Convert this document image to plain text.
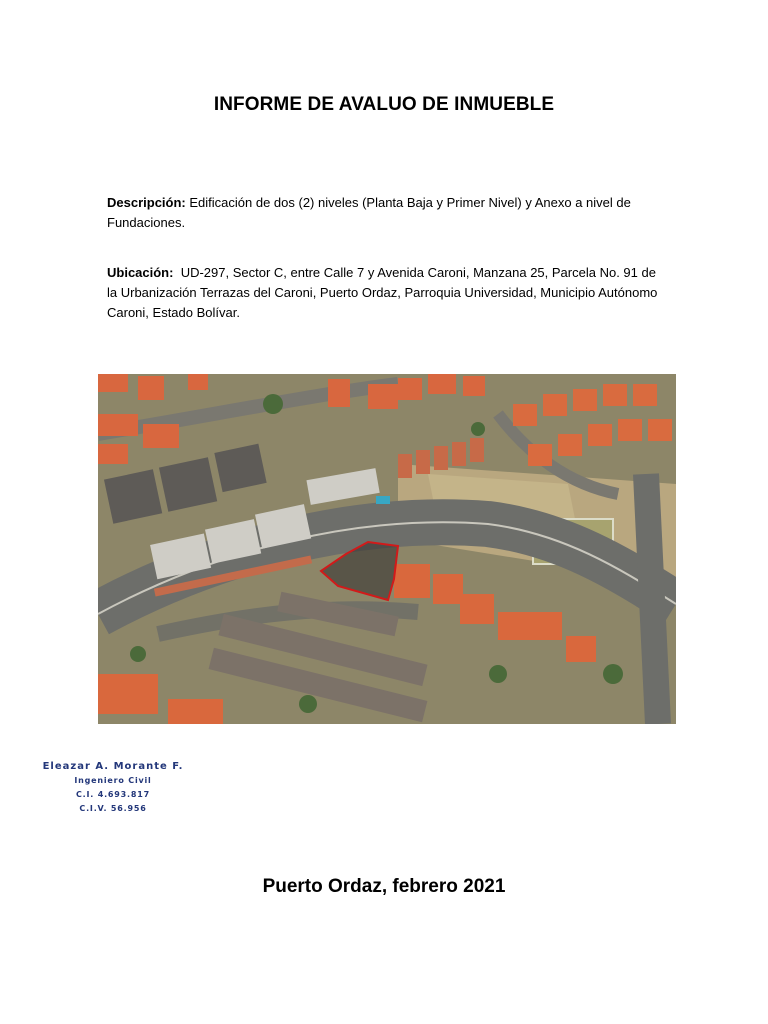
INFORME DE AVALUO DE INMUEBLE
Descripción: Edificación de dos (2) niveles (Planta Baja y Primer Nivel) y Anexo a nivel de Fundaciones.
Ubicación: UD-297, Sector C, entre Calle 7 y Avenida Caroni, Manzana 25, Parcela No. 91 de la Urbanización Terrazas del Caroni, Puerto Ordaz, Parroquia Universidad, Municipio Autónomo Caroni, Estado Bolívar.
Eleazar A. Morante F.
Ingeniero Civil
C.I. 4.693.817
C.I.V. 56.956
Puerto Ordaz, febrero 2021
